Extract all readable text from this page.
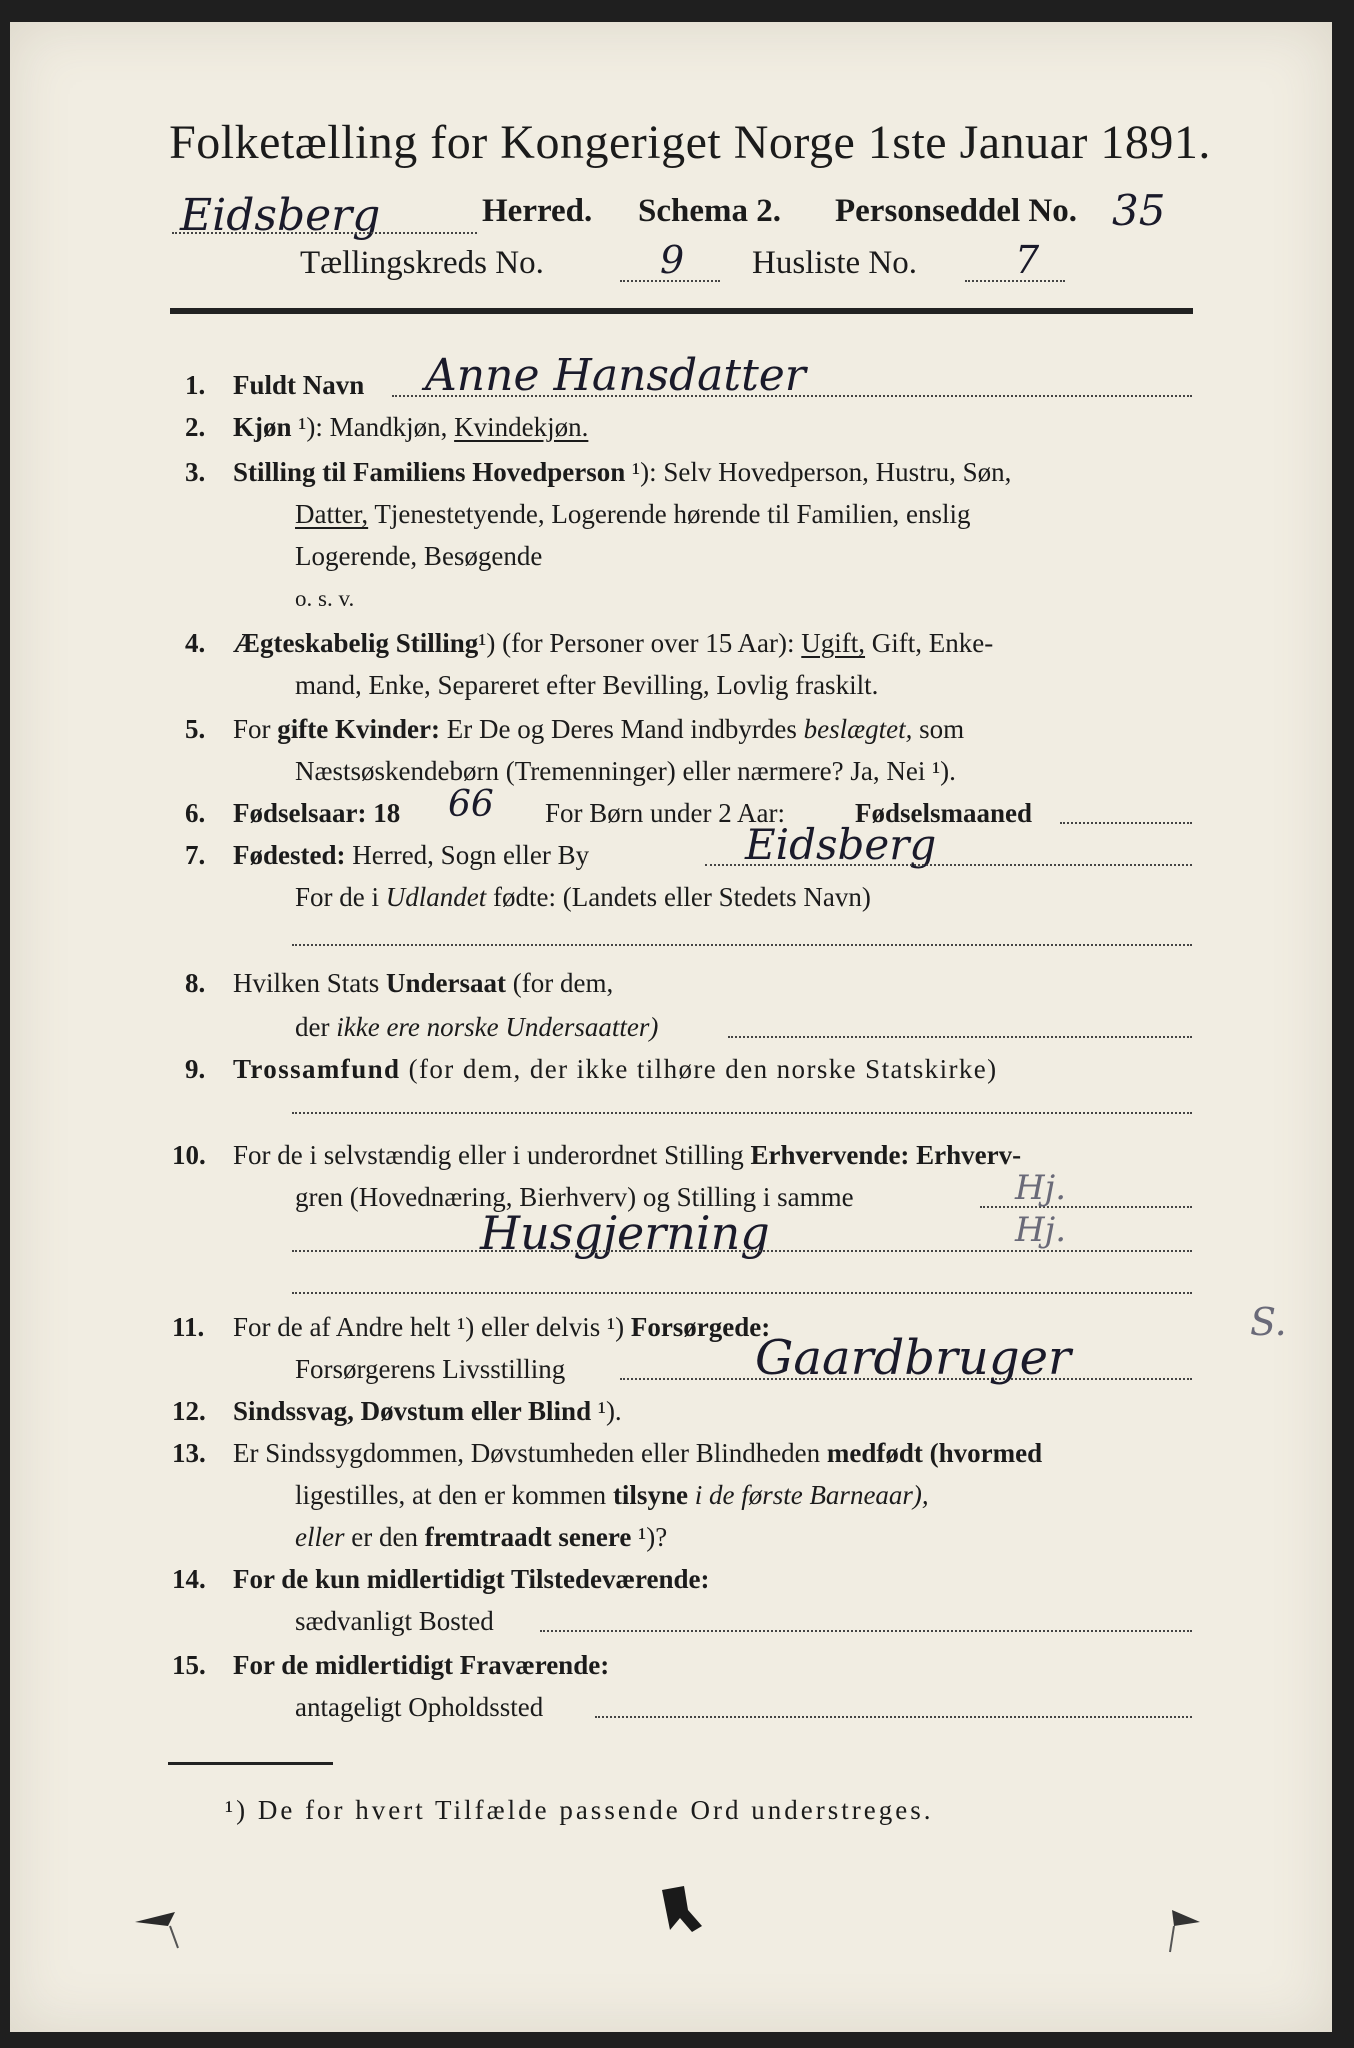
Folketælling for Kongeriget Norge 1ste Januar 1891.
Eidsberg	Herred. Schema 2. Personseddel No. 35
Tællingskreds No.	9 Husliste No.	7
1.	Fuldt Navn Anne Hansdatter
2.	Kjøn ¹): Mandkjøn, Kvindekjøn.
3.	Stilling til Familiens Hovedperson ¹): Selv Hovedperson, Hustru, Søn,
Datter, Tjenestetyende, Logerende hørende til Familien, enslig
Logerende, Besøgende
o. s. v.
4.	Ægteskabelig Stilling¹) (for Personer over 15 Aar): Ugift, Gift, Enke-
mand, Enke, Separeret efter Bevilling, Lovlig fraskilt.
5.	For gifte Kvinder: Er De og Deres Mand indbyrdes beslægtet, som
Næstsøskendebørn (Tremenninger) eller nærmere? Ja, Nei ¹).
6.	Fødselsaar: 18 66 For Børn under 2 Aar:	Fødselsmaaned
7.	Fødested: Herred, Sogn eller By	Eidsberg
For de i Udlandet fødte: (Landets eller Stedets Navn)
8.	Hvilken Stats Undersaat (for dem,
der ikke ere norske Undersaatter)
9.	Trossamfund (for dem, der ikke tilhøre den norske Statskirke)
10. For de i selvstændig eller i underordnet Stilling Erhvervende: Erhverv-
gren (Hovednæring, Bierhverv) og Stilling i samme	Hj.
Husgjerning	Hj.
11. For de af Andre helt ¹) eller delvis ¹) Forsørgede:
Forsørgerens Livsstilling	Gaardbruger
S.
12. Sindssvag, Døvstum eller Blind ¹).
13. Er Sindssygdommen, Døvstumheden eller Blindheden medfødt (hvormed
ligestilles, at den er kommen tilsyne i de første Barneaar),
eller er den fremtraadt senere ¹)?
14. For de kun midlertidigt Tilstedeværende:
sædvanligt Bosted
15. For de midlertidigt Fraværende:
antageligt Opholdssted
¹) De for hvert Tilfælde passende Ord understreges.
